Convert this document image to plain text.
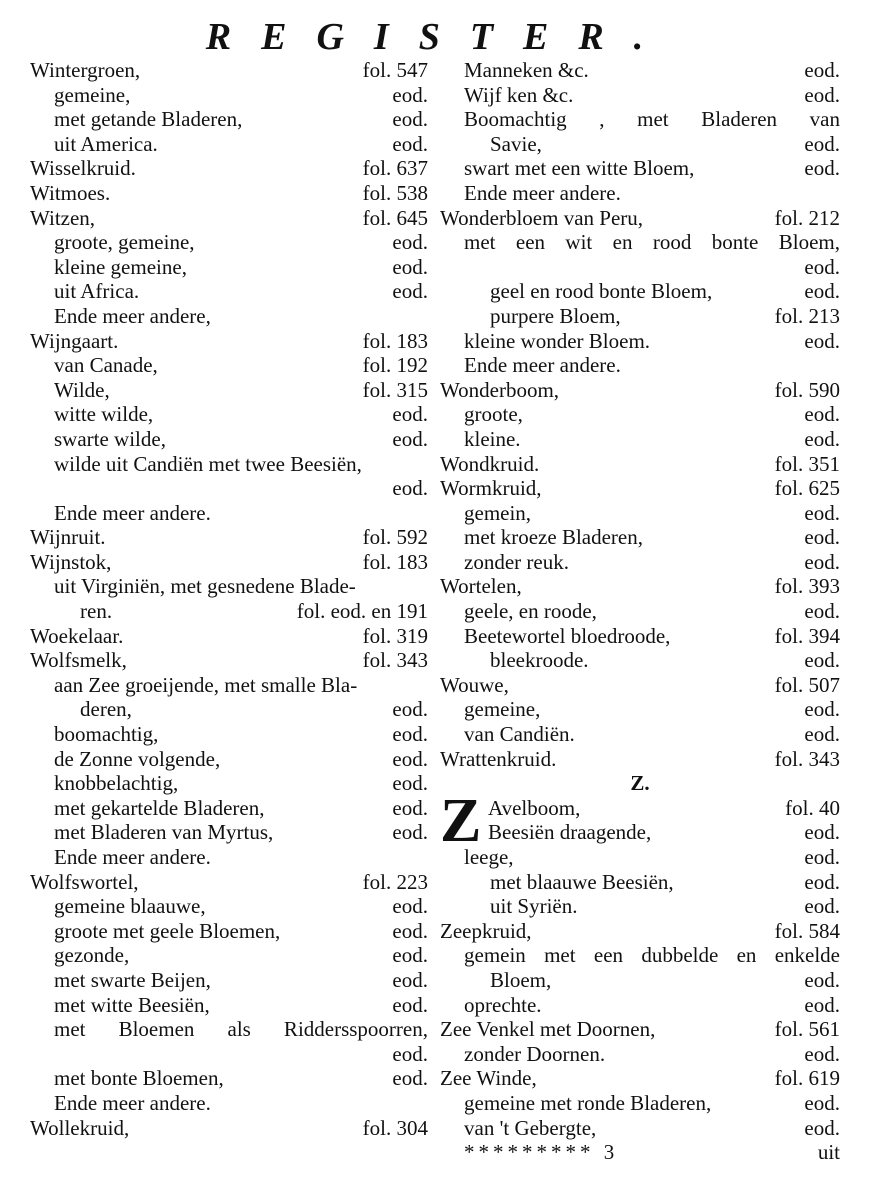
REGISTER.
Wintergroen,	fol. 547
gemeine,	eod.
met getande Bladeren,	eod.
uit America.	eod.
Wisselkruid.	fol. 637
Witmoes.	fol. 538
Witzen,	fol. 645
groote, gemeine,	eod.
kleine gemeine,	eod.
uit Africa.	eod.
Ende meer andere,
Wijngaart.	fol. 183
van Canade,	fol. 192
Wilde,	fol. 315
witte wilde,	eod.
swarte wilde,	eod.
wilde uit Candiën met twee Beesiën,
eod.
Ende meer andere.
Wijnruit.	fol. 592
Wijnstok,	fol. 183
uit Virginiën, met gesnedene Blade-
ren.	fol. eod. en 191
Woekelaar.	fol. 319
Wolfsmelk,	fol. 343
aan Zee groeijende, met smalle Bla-
deren,	eod.
boomachtig,	eod.
de Zonne volgende,	eod.
knobbelachtig,	eod.
met gekartelde Bladeren,	eod.
met Bladeren van Myrtus,	eod.
Ende meer andere.
Wolfswortel,	fol. 223
gemeine blaauwe,	eod.
groote met geele Bloemen,	eod.
gezonde,	eod.
met swarte Beijen,	eod.
met witte Beesiën,	eod.
met Bloemen als Riddersspoorren,
eod.
met bonte Bloemen,	eod.
Ende meer andere.
Wollekruid,	fol. 304
Manneken &c.	eod.
Wijf ken &c.	eod.
Boomachtig , met Bladeren van
Savie,	eod.
swart met een witte Bloem,	eod.
Ende meer andere.
Wonderbloem van Peru,	fol. 212
met een wit en rood bonte Bloem,
eod.
geel en rood bonte Bloem,	eod.
purpere Bloem,	fol. 213
kleine wonder Bloem.	eod.
Ende meer andere.
Wonderboom,	fol. 590
groote,	eod.
kleine.	eod.
Wondkruid.	fol. 351
Wormkruid,	fol. 625
gemein,	eod.
met kroeze Bladeren,	eod.
zonder reuk.	eod.
Wortelen,	fol. 393
geele, en roode,	eod.
Beetewortel bloedroode,	fol. 394
bleekroode.	eod.
Wouwe,	fol. 507
gemeine,	eod.
van Candiën.	eod.
Wrattenkruid.	fol. 343
Z.
Z Avelboom,	fol. 40
Beesiën draagende,	eod.
leege,	eod.
met blaauwe Beesiën,	eod.
uit Syriën.	eod.
Zeepkruid,	fol. 584
gemein met een dubbelde en enkelde
Bloem,	eod.
oprechte.	eod.
Zee Venkel met Doornen,	fol. 561
zonder Doornen.	eod.
Zee Winde,	fol. 619
gemeine met ronde Bladeren,	eod.
van 't Gebergte,	eod.
********* 3	uit
